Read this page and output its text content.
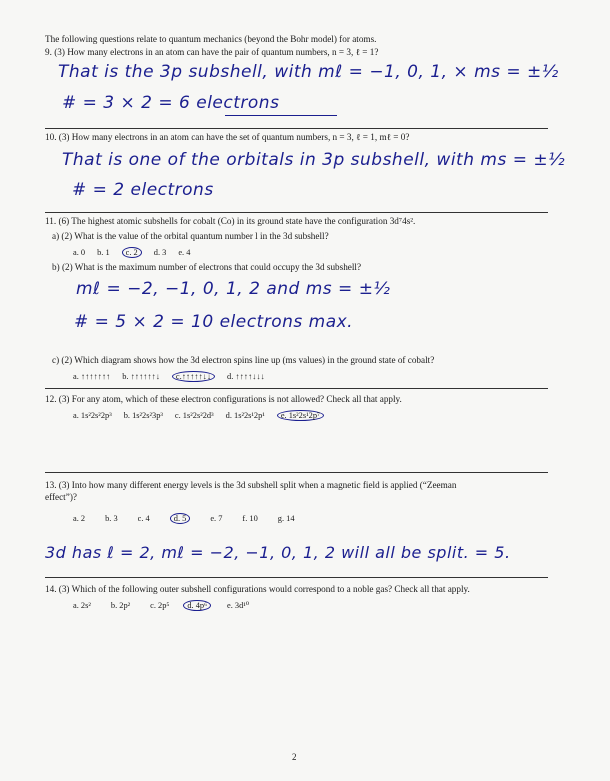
The following questions relate to quantum mechanics (beyond the Bohr model) for atoms.
9. (3) How many electrons in an atom can have the pair of quantum numbers, n = 3, ℓ = 1?
That is the 3p subshell, with mℓ = −1, 0, 1, × ms = ±½
# = 3 × 2 = 6 electrons
10. (3) How many electrons in an atom can have the set of quantum numbers, n = 3, ℓ = 1, mℓ = 0?
That is one of the orbitals in 3p subshell, with ms = ±½
# = 2 electrons
11. (6) The highest atomic subshells for cobalt (Co) in its ground state have the configuration 3d⁷4s².
a) (2) What is the value of the orbital quantum number l in the 3d subshell?
a. 0 b. 1 c. 2 d. 3 e. 4
b) (2) What is the maximum number of electrons that could occupy the 3d subshell?
mℓ = −2, −1, 0, 1, 2 and ms = ±½
# = 5 × 2 = 10 electrons max.
c) (2) Which diagram shows how the 3d electron spins line up (ms values) in the ground state of cobalt?
a. ↑↑↑↑↑↑↑ b. ↑↑↑↑↑↑↓ c.↑↑↑↑↑↓↓ d. ↑↑↑↑↓↓↓
12. (3) For any atom, which of these electron configurations is not allowed? Check all that apply.
a. 1s²2s²2p³ b. 1s²2s²3p³ c. 1s²2s²2d³ d. 1s²2s¹2p¹ e. 1s²2s¹2p⁷
13. (3) Into how many different energy levels is the 3d subshell split when a magnetic field is applied (“Zeeman
effect”)?
a. 2 b. 3 c. 4	d. 5	e. 7 f. 10 g. 14
3d has ℓ = 2, mℓ = −2, −1, 0, 1, 2 will all be split. = 5.
14. (3) Which of the following outer subshell configurations would correspond to a noble gas? Check all that apply.
a. 2s² b. 2p² c. 2p⁵ d. 4p⁶ e. 3d¹⁰
2
